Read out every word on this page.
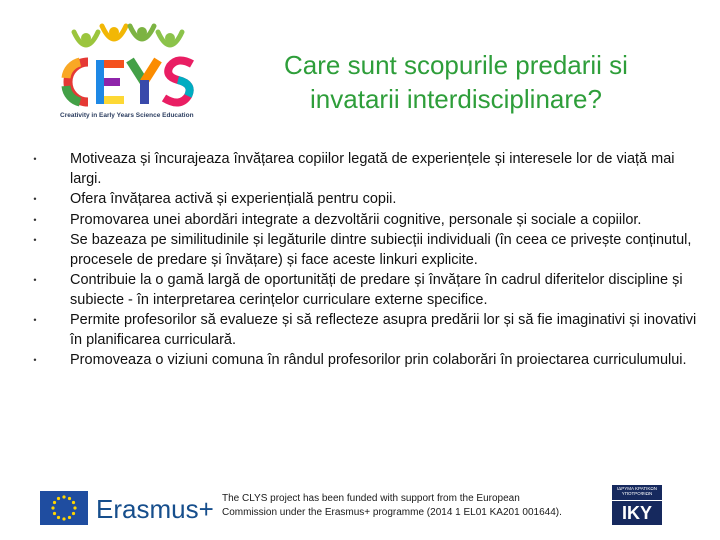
Creativity in Early Years Science Education
Care sunt scopurile predarii si
invatarii interdisciplinare?
•	Motiveaza și încurajeaza învățarea copiilor legată de experiențele și interesele lor de viață mai largi.
•	Ofera învățarea activă și experiențială pentru copii.
•	Promovarea unei abordări integrate a dezvoltării cognitive, personale și sociale a copiilor.
•	Se bazeaza pe similitudinile și legăturile dintre subiecții individuali (în ceea ce privește conținutul, procesele de predare și învățare) și face aceste linkuri explicite.
•	Contribuie la o gamă largă de oportunități de predare și învățare în cadrul diferitelor discipline și subiecte - în interpretarea cerințelor curriculare externe specifice.
•	Permite profesorilor să evalueze și să reflecteze asupra predării lor și să fie imaginativi și inovativi în planificarea curriculară.
•	Promoveaza o viziuni comuna în rândul profesorilor prin colaborări în proiectarea curriculumului.
Erasmus+ The CLYS project has been funded with support from the European
Commission under the Erasmus+ programme (2014 1 EL01 KA201 001644).
ΙΔΡΥΜΑ ΚΡΑΤΙΚΩΝ ΥΠΟΤΡΟΦΙΩΝ
IKY
